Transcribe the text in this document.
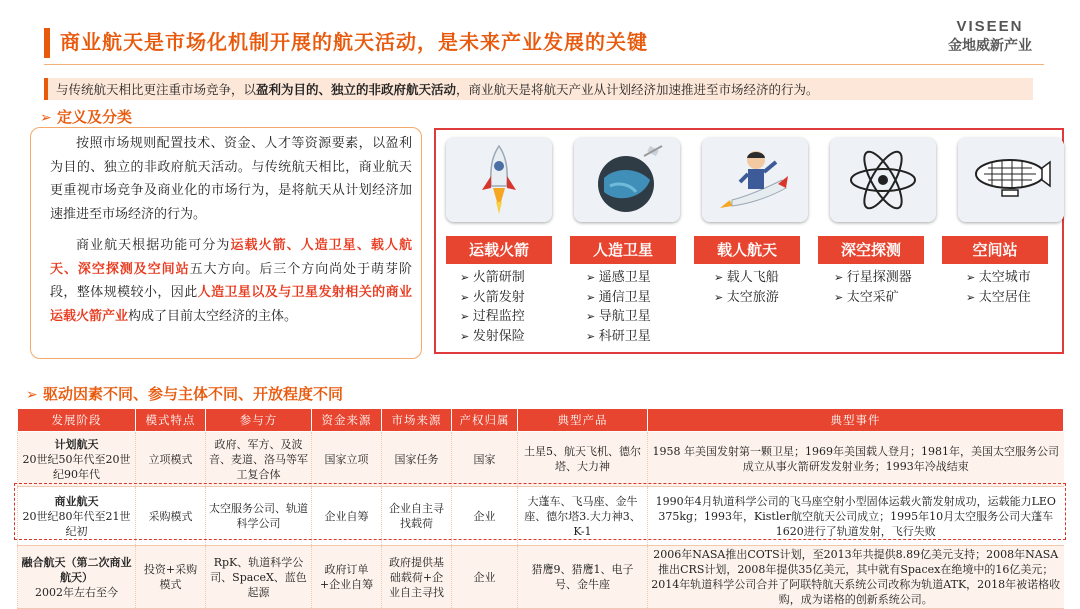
商业航天是市场化机制开展的航天活动，是未来产业发展的关键
VISEEN
金地威新产业
与传统航天相比更注重市场竞争，以盈利为目的、独立的非政府航天活动，商业航天是将航天产业从计划经济加速推进至市场经济的行为。
➢ 定义及分类
按照市场规则配置技术、资金、人才等资源要素，以盈利为目的、独立的非政府航天活动。与传统航天相比，商业航天更重视市场竞争及商业化的市场行为，是将航天从计划经济加速推进至市场经济的行为。
商业航天根据功能可分为运载火箭、人造卫星、载人航天、深空探测及空间站五大方向。后三个方向尚处于萌芽阶段，整体规模较小，因此人造卫星以及与卫星发射相关的商业运载火箭产业构成了目前太空经济的主体。
运载火箭	人造卫星	载人航天	深空探测	空间站
➢ 火箭研制
➢ 火箭发射
➢ 过程监控
➢ 发射保险
➢ 遥感卫星
➢ 通信卫星
➢ 导航卫星
➢ 科研卫星
➢ 载人飞船
➢ 太空旅游
➢ 行星探测器
➢ 太空采矿
➢ 太空城市
➢ 太空居住
➢ 驱动因素不同、参与主体不同、开放程度不同
发展阶段	模式特点	参与方	资金来源	市场来源	产权归属	典型产品	典型事件
计划航天
20世纪50年代至20世纪90年代	立项模式	政府、军方、及波音、麦道、洛马等军工复合体	国家立项	国家任务	国家	土星5、航天飞机、德尔塔、大力神	1958 年美国发射第一颗卫星；1969年美国载人登月；1981年，美国太空服务公司成立从事火箭研发发射业务；1993年冷战结束
商业航天
20世纪80年代至21世纪初	采购模式	太空服务公司、轨道科学公司	企业自筹	企业自主寻找载荷	企业	大蓬车、飞马座、金牛座、德尔塔3.大力神3、K-1	1990年4月轨道科学公司的飞马座空射小型固体运载火箭发射成功，运载能力LEO 375kg；1993年，Kistler航空航天公司成立；1995年10月太空服务公司大蓬车1620进行了轨道发射，飞行失败
融合航天（第二次商业航天）
2002年左右至今	投资+采购模式	RpK、轨道科学公司、SpaceX、蓝色起源	政府订单+企业自筹	政府提供基础载荷+企业自主寻找	企业	猎鹰9、猎鹰1、电子号、金牛座	2006年NASA推出COTS计划，至2013年共提供8.89亿美元支持；2008年NASA推出CRS计划，2008年提供35亿美元，其中就有Spacex在绝境中的16亿美元；2014年轨道科学公司合并了阿联特航天系统公司改称为轨道ATK，2018年被诺格收购，成为诺格的创新系统公司。
